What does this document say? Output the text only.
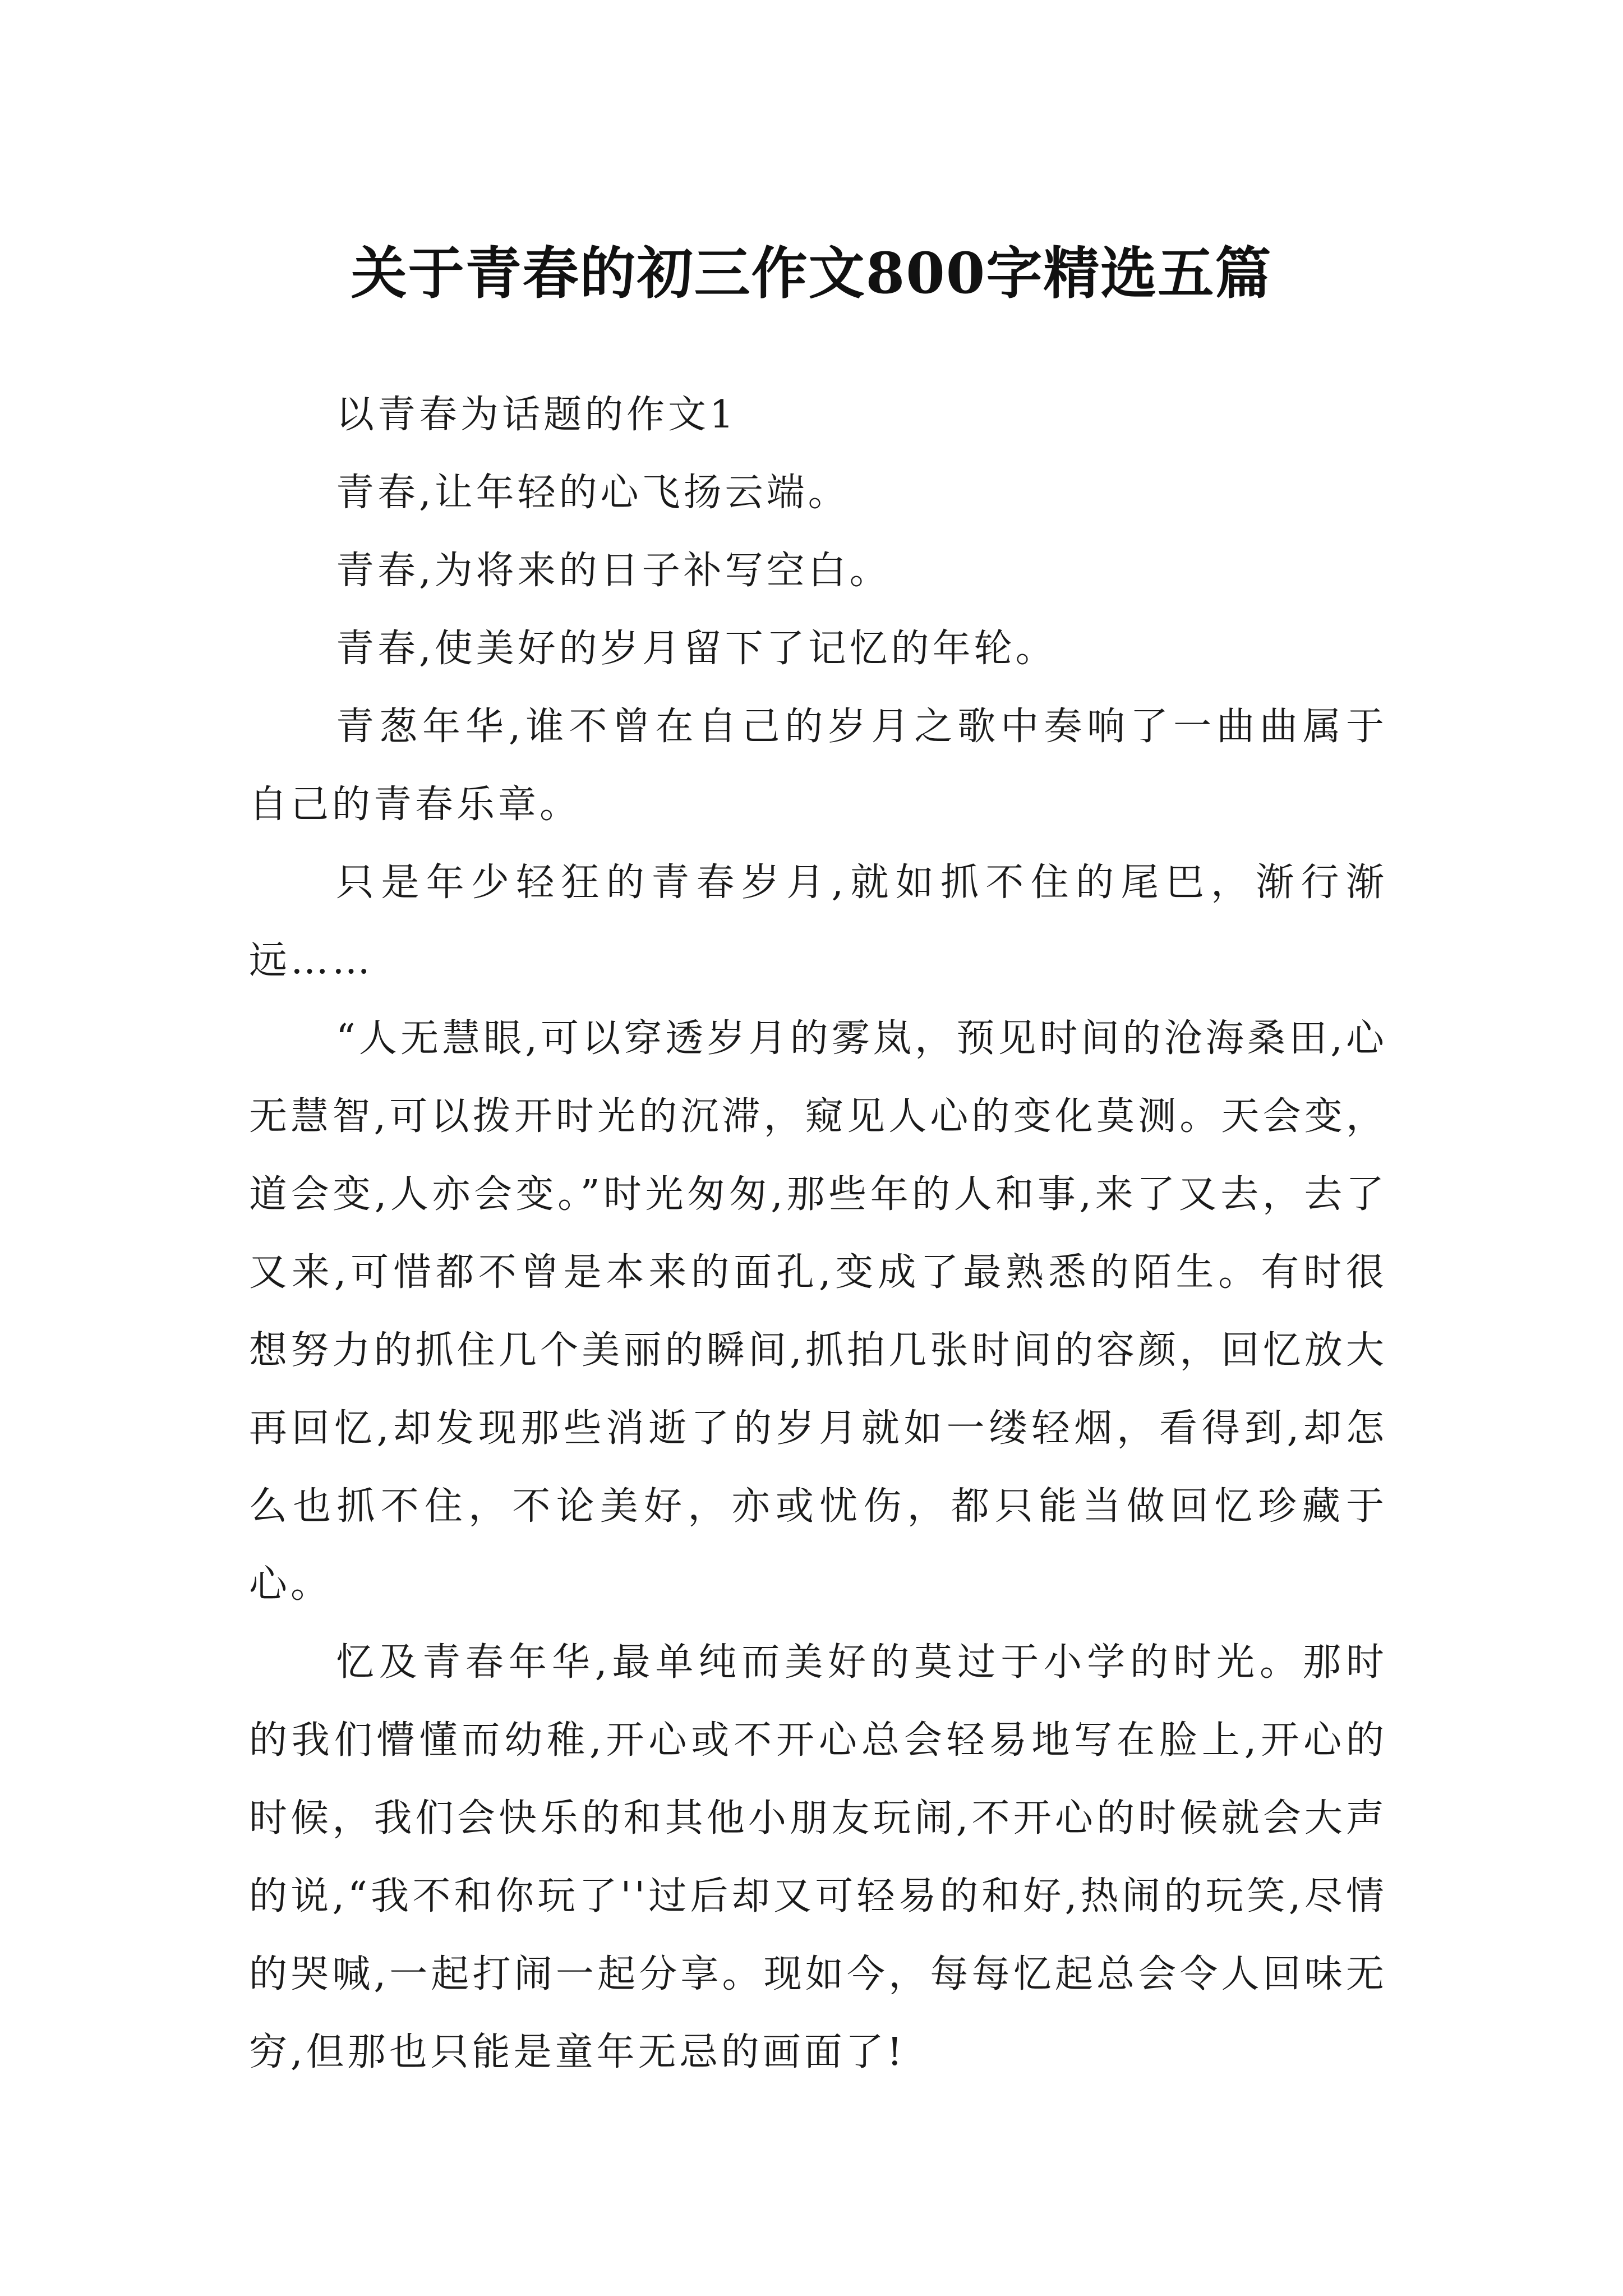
关于青春的初三作文800字精选五篇

以青春为话题的作文1

青春,让年轻的心飞扬云端。

青春,为将来的日子补写空白。

青春,使美好的岁月留下了记忆的年轮。

青葱年华,谁不曾在自己的岁月之歌中奏响了一曲曲属于自己的青春乐章。

只是年少轻狂的青春岁月,就如抓不住的尾巴，渐行渐远……

“人无慧眼,可以穿透岁月的雾岚，预见时间的沧海桑田,心无慧智,可以拨开时光的沉滞，窥见人心的变化莫测。天会变，道会变,人亦会变。”时光匆匆,那些年的人和事,来了又去，去了又来,可惜都不曾是本来的面孔,变成了最熟悉的陌生。有时很想努力的抓住几个美丽的瞬间,抓拍几张时间的容颜，回忆放大再回忆,却发现那些消逝了的岁月就如一缕轻烟，看得到,却怎么也抓不住，不论美好，亦或忧伤，都只能当做回忆珍藏于心。

忆及青春年华,最单纯而美好的莫过于小学的时光。那时的我们懵懂而幼稚,开心或不开心总会轻易地写在脸上,开心的时候，我们会快乐的和其他小朋友玩闹,不开心的时候就会大声的说,“我不和你玩了''过后却又可轻易的和好,热闹的玩笑,尽情的哭喊,一起打闹一起分享。现如今，每每忆起总会令人回味无穷,但那也只能是童年无忌的画面了!
